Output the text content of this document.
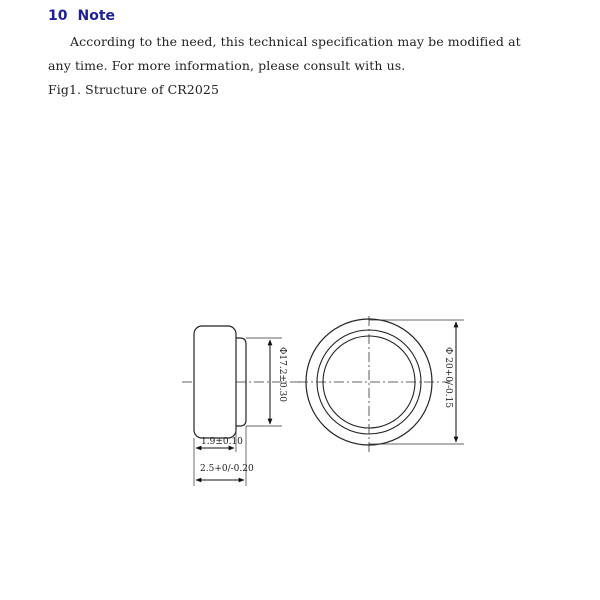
10 Note
According to the need, this technical specification may be modified at
any time. For more information, please consult with us.
Fig1. Structure of CR2025
Φ17.2±0.30
1.9±0.10
2.5+0/-0.20
Φ 20+0/-0.15
